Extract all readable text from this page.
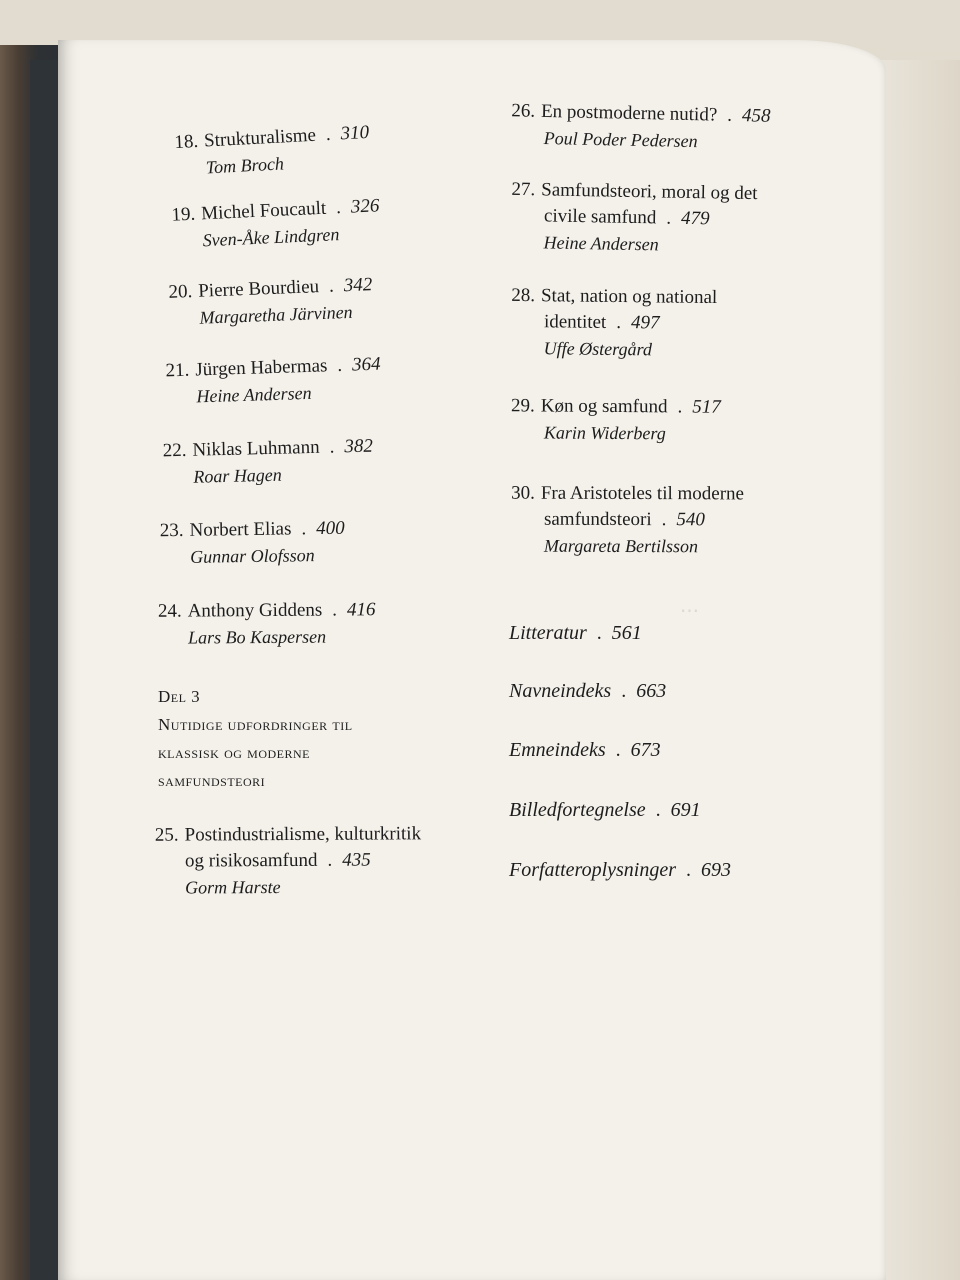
⋯
18. Strukturalisme . 310
Tom Broch
19. Michel Foucault . 326
Sven-Åke Lindgren
20. Pierre Bourdieu . 342
Margaretha Järvinen
21. Jürgen Habermas . 364
Heine Andersen
22. Niklas Luhmann . 382
Roar Hagen
23. Norbert Elias . 400
Gunnar Olofsson
24. Anthony Giddens . 416
Lars Bo Kaspersen
Del 3
Nutidige udfordringer til
klassisk og moderne
samfundsteori
25. Postindustrialisme, kulturkritik
og risikosamfund . 435
Gorm Harste
26. En postmoderne nutid? . 458
Poul Poder Pedersen
27. Samfundsteori, moral og det
civile samfund . 479
Heine Andersen
28. Stat, nation og national
identitet . 497
Uffe Østergård
29. Køn og samfund . 517
Karin Widerberg
30. Fra Aristoteles til moderne
samfundsteori . 540
Margareta Bertilsson
Litteratur . 561
Navneindeks . 663
Emneindeks . 673
Billedfortegnelse . 691
Forfatteroplysninger . 693
